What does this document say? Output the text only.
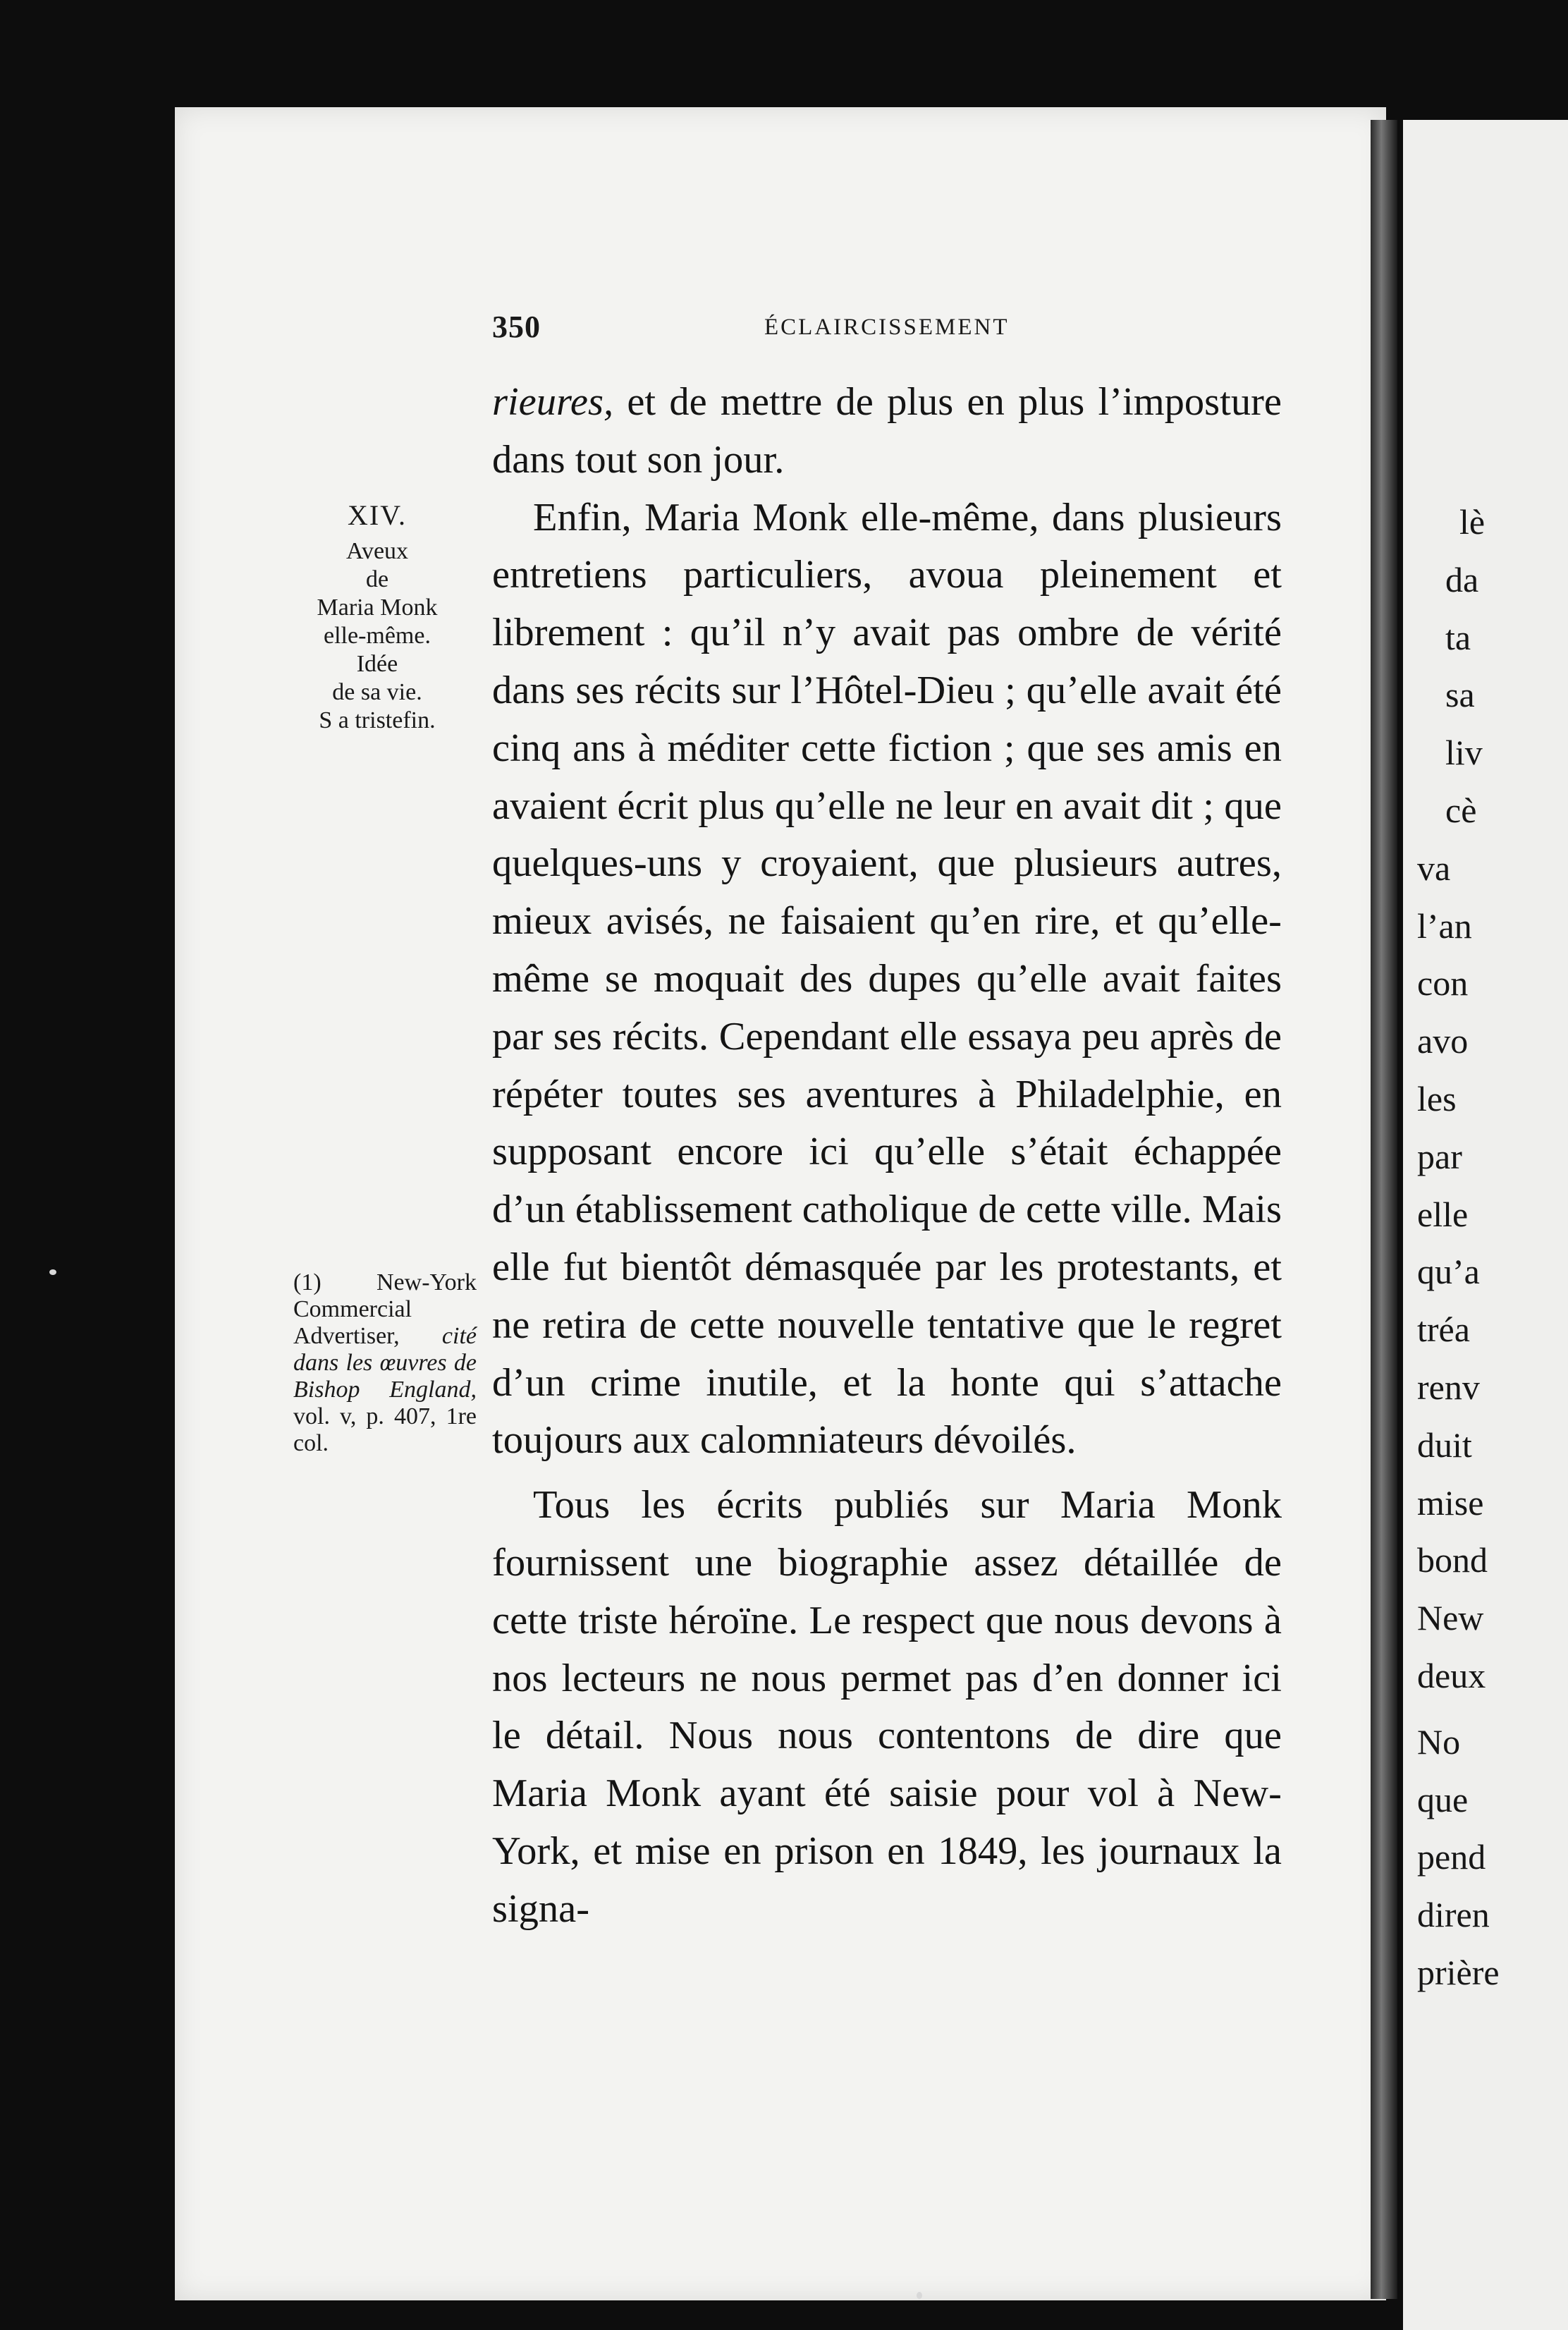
lè
da
ta
sa
liv
cè
va
l’an
con
avo
les
par
elle
qu’a
tréa
renv
duit
mise
bond
New
deux
No
que
pend
diren
prière
350	ÉCLAIRCISSEMENT
XIV.
Aveux
de
Maria Monk
elle-même.
Idée
de sa vie.
S a tristefin.
(1) New-York Commercial Advertiser, cité dans les œuvres de Bishop England, vol. v, p. 407, 1re col.

rieures, et de mettre de plus en plus l’imposture dans tout son jour.

Enfin, Maria Monk elle-même, dans plusieurs entretiens particuliers, avoua pleinement et librement : qu’il n’y avait pas ombre de vérité dans ses récits sur l’Hôtel-Dieu ; qu’elle avait été cinq ans à méditer cette fiction ; que ses amis en avaient écrit plus qu’elle ne leur en avait dit ; que quelques-uns y croyaient, que plusieurs autres, mieux avisés, ne faisaient qu’en rire, et qu’elle-même se moquait des dupes qu’elle avait faites par ses récits. Cependant elle essaya peu après de répéter toutes ses aventures à Philadelphie, en supposant encore ici qu’elle s’était échappée d’un établissement catholique de cette ville. Mais elle fut bientôt démasquée par les protestants, et ne retira de cette nouvelle tentative que le regret d’un crime inutile, et la honte qui s’attache toujours aux calomniateurs dévoilés.

Tous les écrits publiés sur Maria Monk fournissent une biographie assez détaillée de cette triste héroïne. Le respect que nous devons à nos lecteurs ne nous permet pas d’en donner ici le détail. Nous nous contentons de dire que Maria Monk ayant été saisie pour vol à New-York, et mise en prison en 1849, les journaux la signa-
